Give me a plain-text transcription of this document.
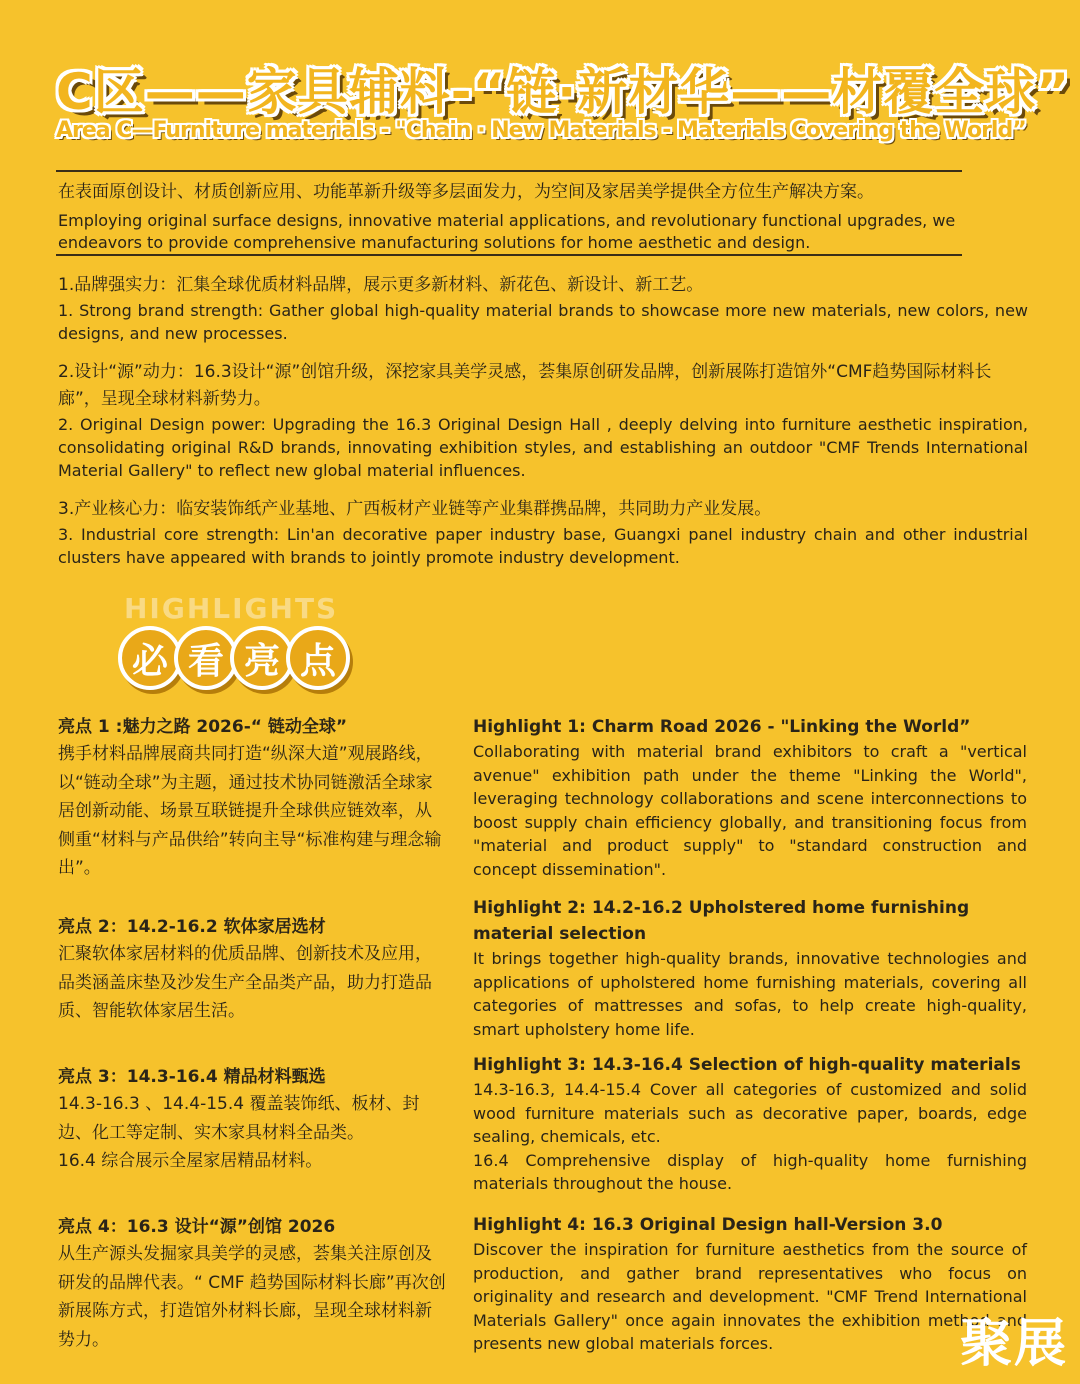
C区——家具辅料-“链·新材华——材覆全球”
Area C—Furniture materials - "Chain · New Materials - Materials Covering the World”
在表面原创设计、材质创新应用、功能革新升级等多层面发力，为空间及家居美学提供全方位生产解决方案。
Employing original surface designs, innovative material applications, and revolutionary functional upgrades, we endeavors to provide comprehensive manufacturing solutions for home aesthetic and design.
1.品牌强实力：汇集全球优质材料品牌，展示更多新材料、新花色、新设计、新工艺。
1. Strong brand strength: Gather global high-quality material brands to showcase more new materials, new colors, new designs, and new processes.
2.设计“源”动力：16.3设计“源”创馆升级，深挖家具美学灵感，荟集原创研发品牌，创新展陈打造馆外“CMF趋势国际材料长廊”，呈现全球材料新势力。
2. Original Design power: Upgrading the 16.3 Original Design Hall , deeply delving into furniture aesthetic inspiration, consolidating original R&D brands, innovating exhibition styles, and establishing an outdoor "CMF Trends International Material Gallery" to reflect new global material influences.
3.产业核心力：临安装饰纸产业基地、广西板材产业链等产业集群携品牌，共同助力产业发展。
3. Industrial core strength: Lin'an decorative paper industry base, Guangxi panel industry chain and other industrial clusters have appeared with brands to jointly promote industry development.
HIGHLIGHTS
必 看 亮 点
亮点 1 :魅力之路 2026-“ 链动全球”
携手材料品牌展商共同打造“纵深大道”观展路线，以“链动全球”为主题，通过技术协同链激活全球家居创新动能、场景互联链提升全球供应链效率，从侧重“材料与产品供给”转向主导“标准构建与理念输出”。
Highlight 1: Charm Road 2026 - "Linking the World”
Collaborating with material brand exhibitors to craft a "vertical avenue" exhibition path under the theme "Linking the World", leveraging technology collaborations and scene interconnections to boost supply chain efficiency globally, and transitioning focus from "material and product supply" to "standard construction and concept dissemination".
亮点 2：14.2-16.2 软体家居选材
汇聚软体家居材料的优质品牌、创新技术及应用，品类涵盖床垫及沙发生产全品类产品，助力打造品质、智能软体家居生活。
Highlight 2: 14.2-16.2 Upholstered home furnishing material selection
It brings together high-quality brands, innovative technologies and applications of upholstered home furnishing materials, covering all categories of mattresses and sofas, to help create high-quality, smart upholstery home life.
亮点 3：14.3-16.4 精品材料甄选
14.3-16.3 、14.4-15.4 覆盖装饰纸、板材、封边、化工等定制、实木家具材料全品类。
16.4 综合展示全屋家居精品材料。
Highlight 3: 14.3-16.4 Selection of high-quality materials
14.3-16.3, 14.4-15.4 Cover all categories of customized and solid wood furniture materials such as decorative paper, boards, edge sealing, chemicals, etc.
16.4 Comprehensive display of high-quality home furnishing materials throughout the house.
亮点 4：16.3 设计“源”创馆 2026
从生产源头发掘家具美学的灵感，荟集关注原创及研发的品牌代表。“ CMF 趋势国际材料长廊”再次创新展陈方式，打造馆外材料长廊，呈现全球材料新势力。
Highlight 4: 16.3 Original Design hall-Version 3.0
Discover the inspiration for furniture aesthetics from the source of production, and gather brand representatives who focus on originality and research and development. "CMF Trend International Materials Gallery" once again innovates the exhibition method and presents new global materials forces.	聚展
